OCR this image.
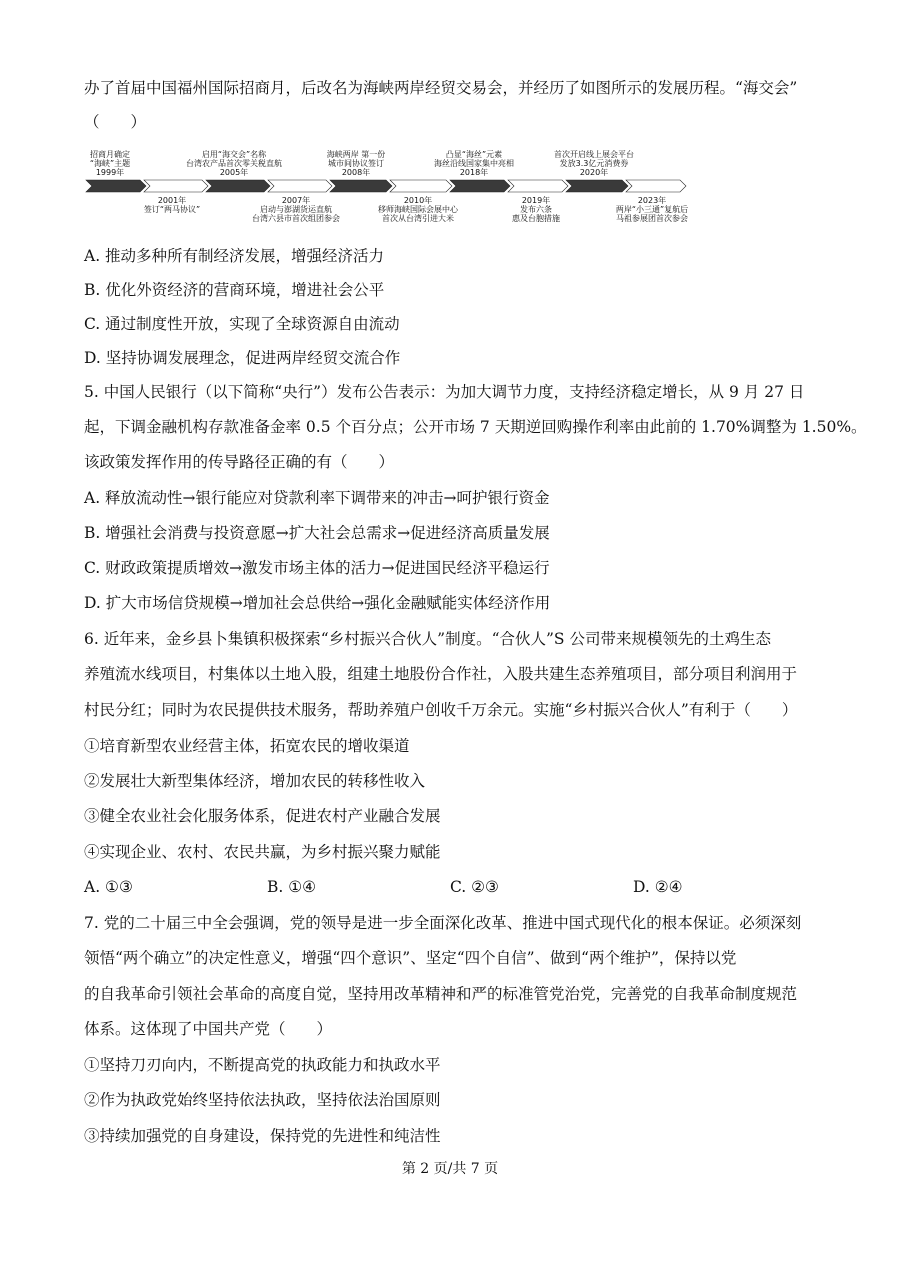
办了首届中国福州国际招商月，后改名为海峡两岸经贸交易会，并经历了如图所示的发展历程。“海交会”
（　　）
招商月确定
“海峡”主题
1999年
启用“海交会”名称
台湾农产品首次零关税直航
2005年
海峡两岸 第一份
城市间协议签订
2008年
凸显“海丝”元素
海丝沿线国家集中亮相
2018年
首次开启线上展会平台
发放3.3亿元消费券
2020年
2001年
签订“两马协议”
2007年
启动与澎湖货运直航
台湾六县市首次组团参会
2010年
移师海峡国际会展中心
首次从台湾引进大米
2019年
发布六条
惠及台胞措施
2023年
两岸“小三通”复航后
马祖参展团首次参会
A. 推动多种所有制经济发展，增强经济活力
B. 优化外资经济的营商环境，增进社会公平
C. 通过制度性开放，实现了全球资源自由流动
D. 坚持协调发展理念，促进两岸经贸交流合作
5. 中国人民银行（以下简称“央行”）发布公告表示：为加大调节力度，支持经济稳定增长，从 9 月 27 日
起，下调金融机构存款准备金率 0.5 个百分点；公开市场 7 天期逆回购操作利率由此前的 1.70%调整为 1.50%。
该政策发挥作用的传导路径正确的有（　　）
A. 释放流动性→银行能应对贷款利率下调带来的冲击→呵护银行资金
B. 增强社会消费与投资意愿→扩大社会总需求→促进经济高质量发展
C. 财政政策提质增效→激发市场主体的活力→促进国民经济平稳运行
D. 扩大市场信贷规模→增加社会总供给→强化金融赋能实体经济作用
6. 近年来，金乡县卜集镇积极探索“乡村振兴合伙人”制度。“合伙人”S 公司带来规模领先的土鸡生态
养殖流水线项目，村集体以土地入股，组建土地股份合作社，入股共建生态养殖项目，部分项目利润用于
村民分红；同时为农民提供技术服务，帮助养殖户创收千万余元。实施“乡村振兴合伙人”有利于（　　）
①培育新型农业经营主体，拓宽农民的增收渠道
②发展壮大新型集体经济，增加农民的转移性收入
③健全农业社会化服务体系，促进农村产业融合发展
④实现企业、农村、农民共赢，为乡村振兴聚力赋能
A. ①③	B. ①④	C. ②③	D. ②④
7. 党的二十届三中全会强调，党的领导是进一步全面深化改革、推进中国式现代化的根本保证。必须深刻
领悟“两个确立”的决定性意义，增强“四个意识”、坚定“四个自信”、做到“两个维护”，保持以党
的自我革命引领社会革命的高度自觉，坚持用改革精神和严的标准管党治党，完善党的自我革命制度规范
体系。这体现了中国共产党（　　）
①坚持刀刃向内，不断提高党的执政能力和执政水平
②作为执政党始终坚持依法执政，坚持依法治国原则
③持续加强党的自身建设，保持党的先进性和纯洁性
第 2 页/共 7 页
